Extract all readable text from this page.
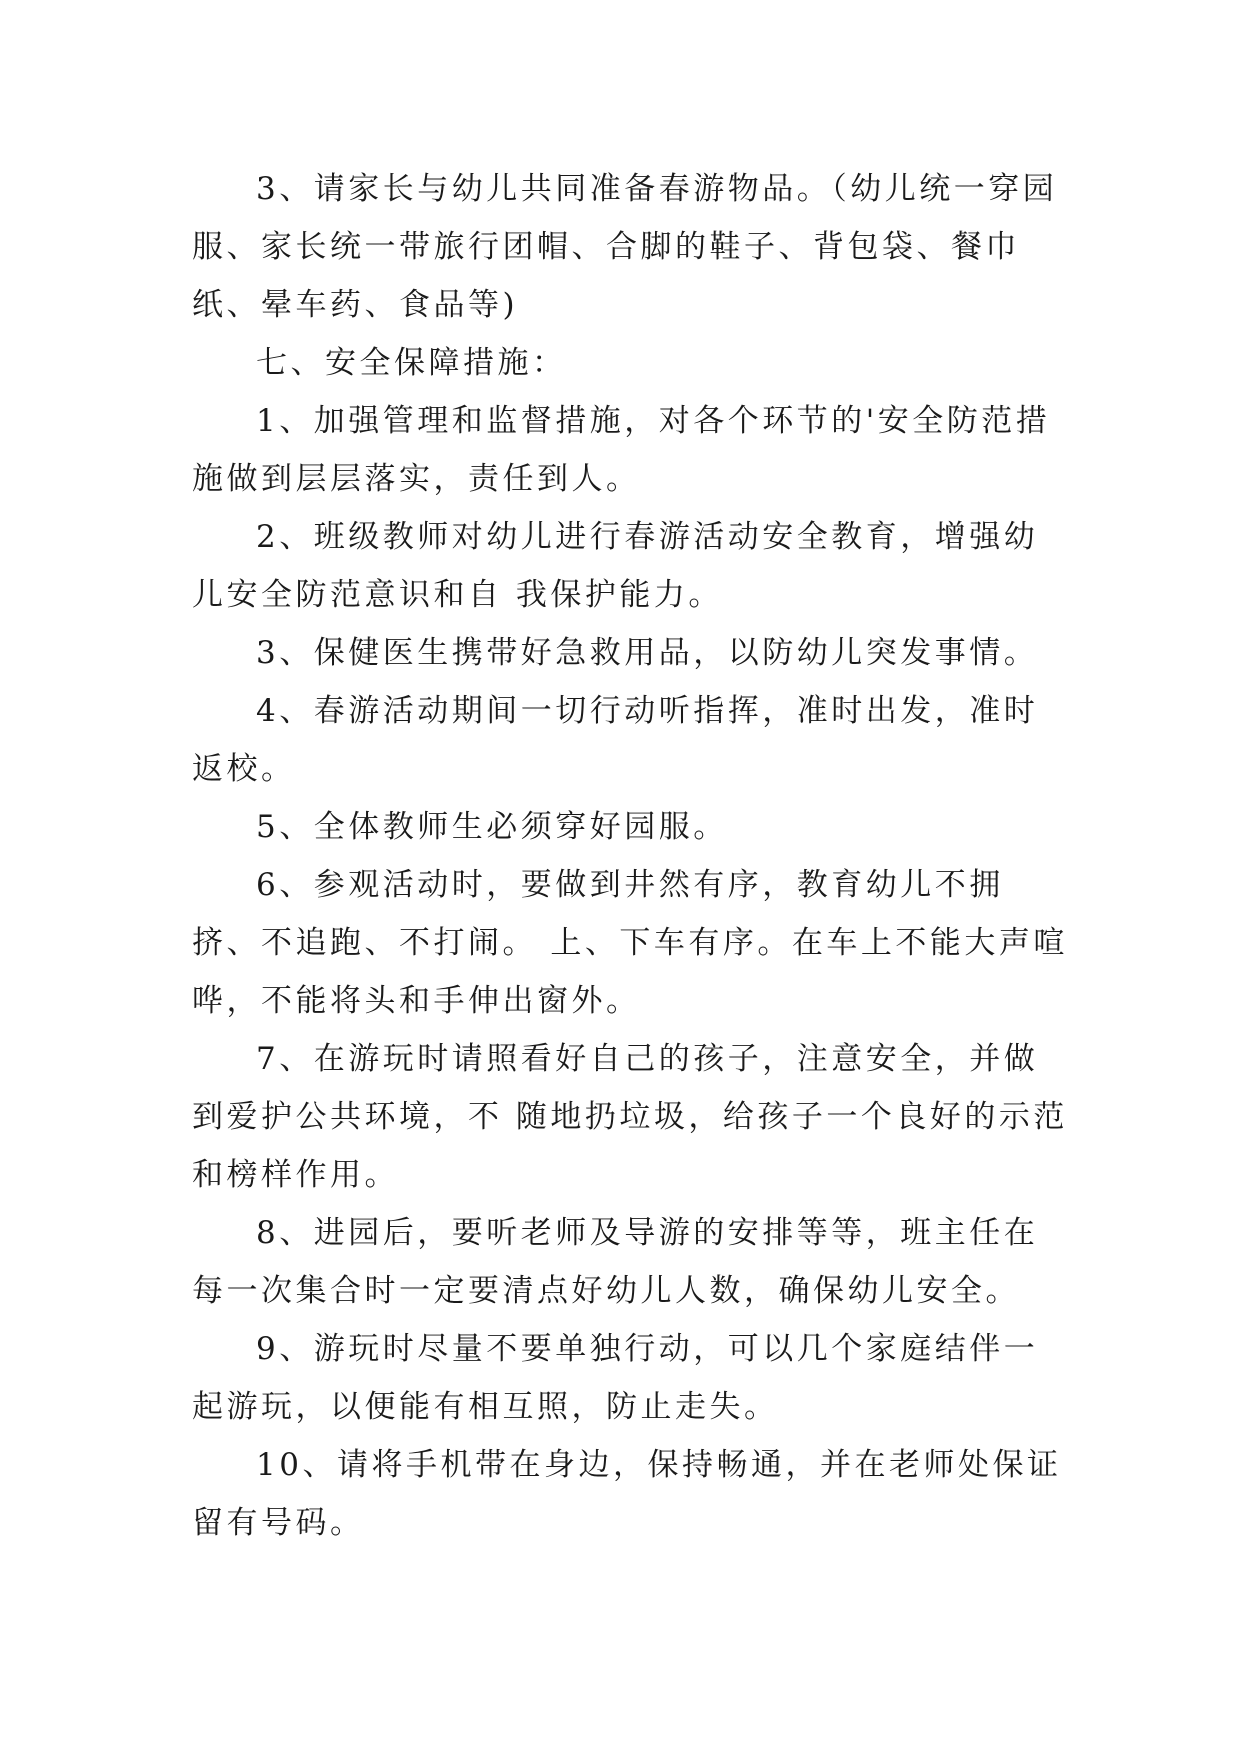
3、请家长与幼儿共同准备春游物品。（幼儿统一穿园服、家长统一带旅行团帽、合脚的鞋子、背包袋、餐巾纸、晕车药、食品等)

七、安全保障措施：

1、加强管理和监督措施，对各个环节的'安全防范措施做到层层落实，责任到人。

2、班级教师对幼儿进行春游活动安全教育，增强幼儿安全防范意识和自 我保护能力。

3、保健医生携带好急救用品，以防幼儿突发事情。

4、春游活动期间一切行动听指挥，准时出发，准时返校。

5、全体教师生必须穿好园服。

6、参观活动时，要做到井然有序，教育幼儿不拥挤、不追跑、不打闹。 上、下车有序。在车上不能大声喧哗，不能将头和手伸出窗外。

7、在游玩时请照看好自己的孩子，注意安全，并做到爱护公共环境，不 随地扔垃圾，给孩子一个良好的示范和榜样作用。

8、进园后，要听老师及导游的安排等等，班主任在每一次集合时一定要清点好幼儿人数，确保幼儿安全。

9、游玩时尽量不要单独行动，可以几个家庭结伴一起游玩，以便能有相互照，防止走失。

10、请将手机带在身边，保持畅通，并在老师处保证留有号码。
